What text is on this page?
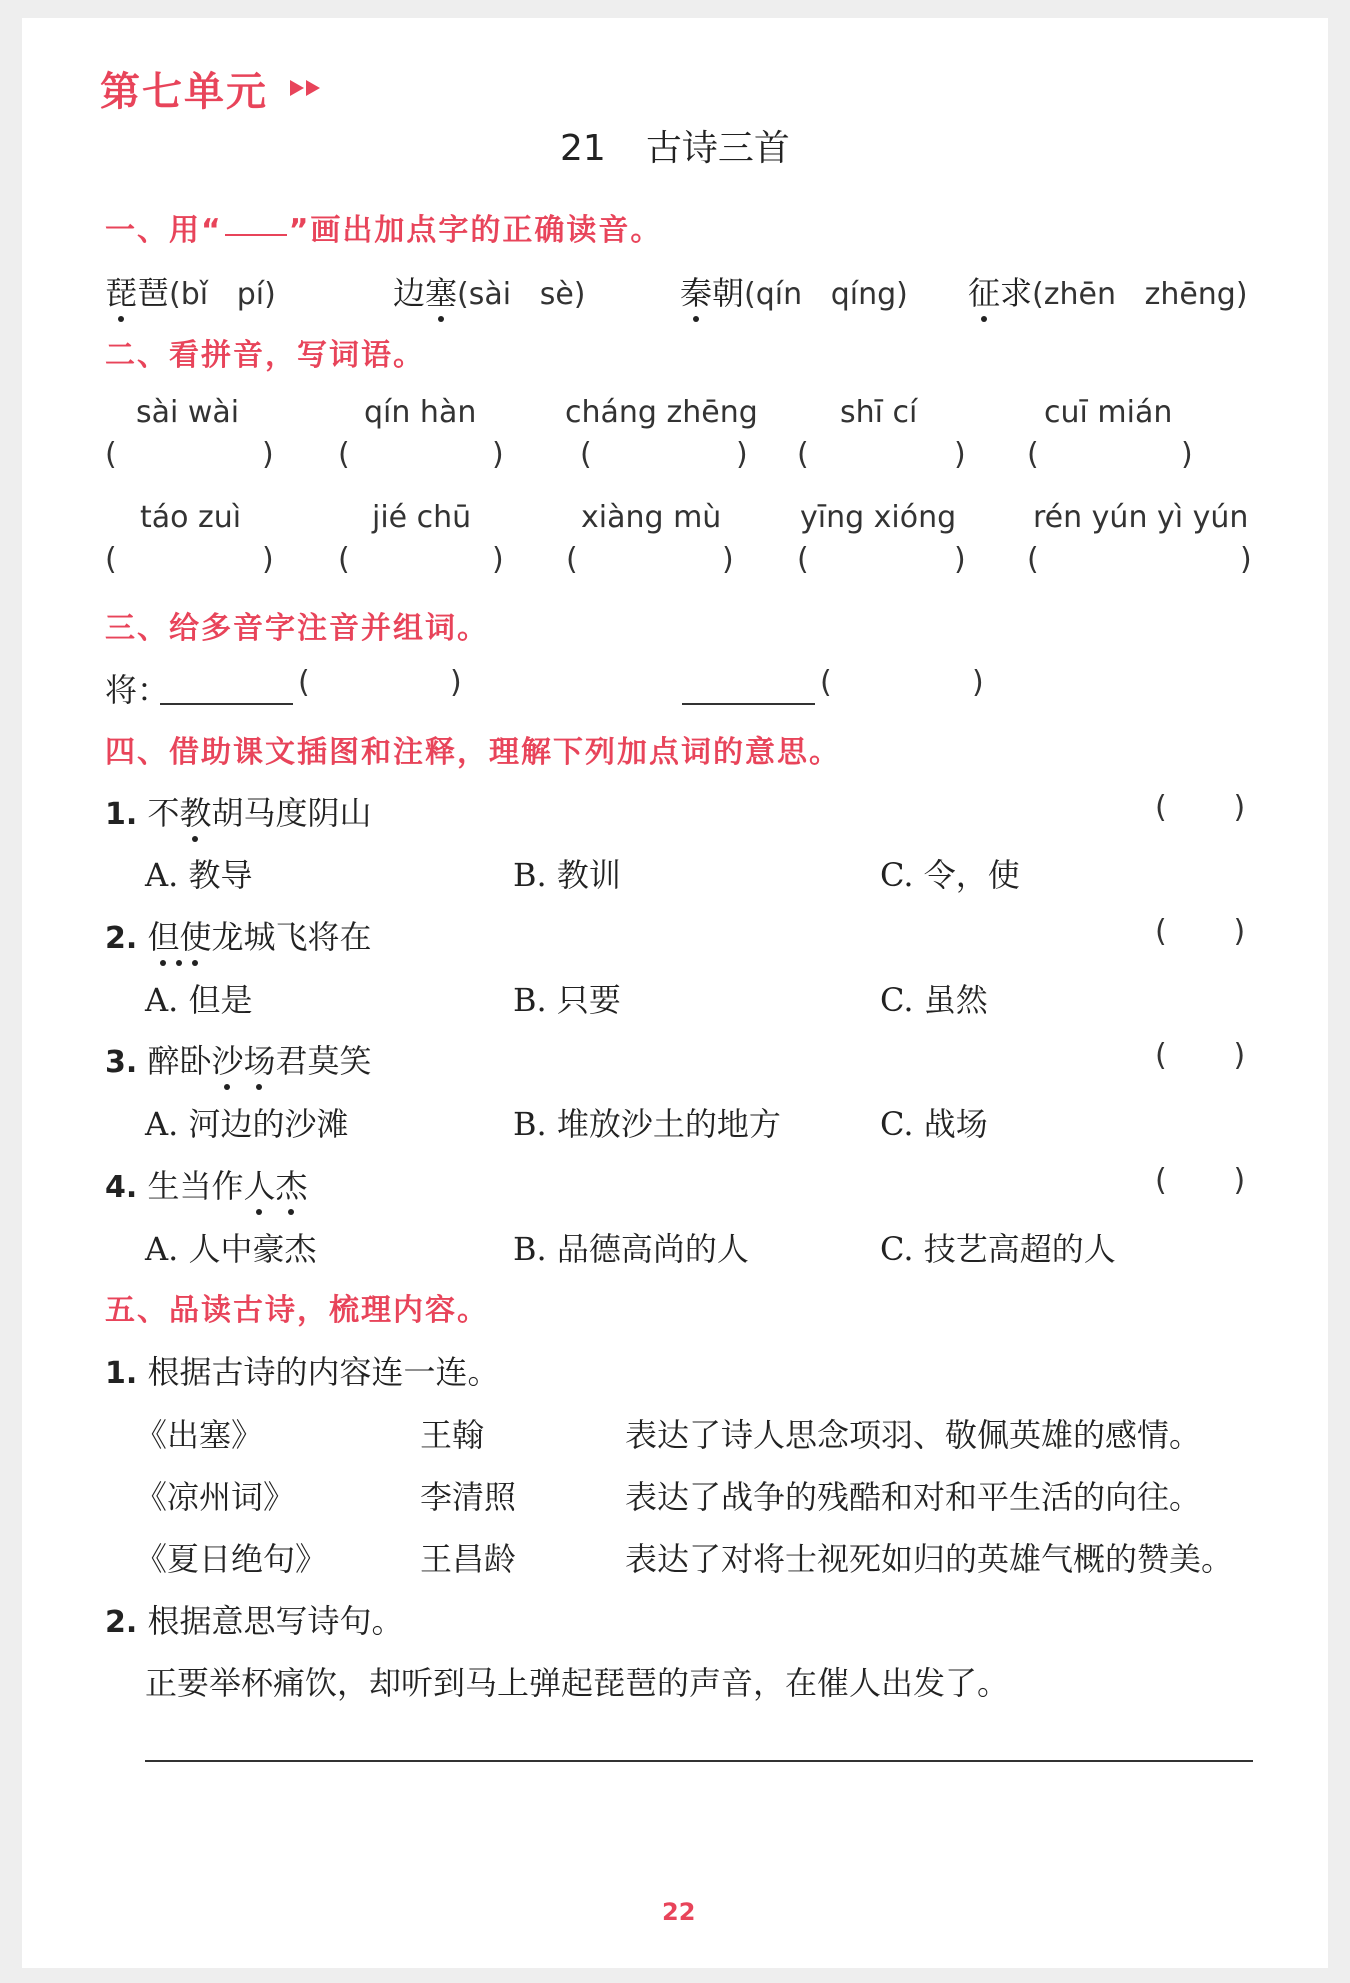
第七单元
21 古诗三首
一、用“ ”画出加点字的正确读音。
琵琶(bǐ   pí)	边塞(sài   sè)	秦朝(qín   qíng) 征求(zhēn   zhēng)
二、看拼音，写词语。
sài wài	qín hàn	cháng zhēng	shī cí	cuī mián
(	) (	)	(	) (	) (	)
táo zuì	jié chū	xiàng mù	yīng xióng	rén yún yì yún
(	) (	) (	) (	) (	)
三、给多音字注音并组词。
将：	(	)	(	)
四、借助课文插图和注释，理解下列加点词的意思。
1. 不教胡马度阴山	(       )
A. 教导	B. 教训	C. 令，使
2. 但使龙城飞将在	(       )
A. 但是	B. 只要	C. 虽然
3. 醉卧沙场君莫笑	(       )
A. 河边的沙滩	B. 堆放沙土的地方	C. 战场
4. 生当作人杰	(       )
A. 人中豪杰	B. 品德高尚的人	C. 技艺高超的人
五、品读古诗，梳理内容。
1. 根据古诗的内容连一连。
《出塞》	王翰	表达了诗人思念项羽、敬佩英雄的感情。
《凉州词》	李清照	表达了战争的残酷和对和平生活的向往。
《夏日绝句》	王昌龄	表达了对将士视死如归的英雄气概的赞美。
2. 根据意思写诗句。
正要举杯痛饮，却听到马上弹起琵琶的声音，在催人出发了。
22
